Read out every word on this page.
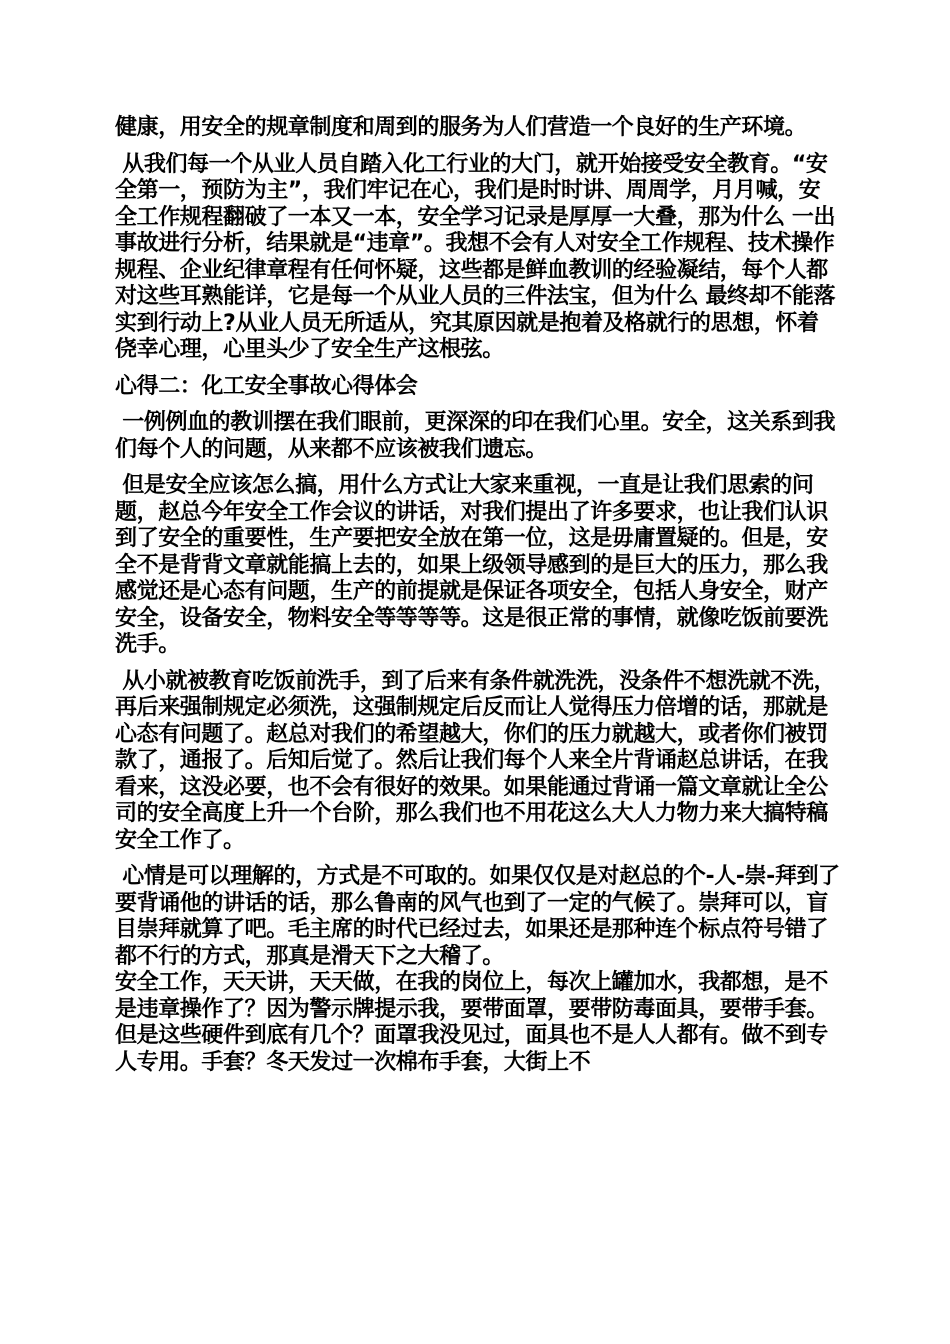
健康，用安全的规章制度和周到的服务为人们营造一个良好的生产环境。

从我们每一个从业人员自踏入化工行业的大门，就开始接受安全教育。“安全第一，预防为主”，我们牢记在心，我们是时时讲、周周学，月月喊，安全工作规程翻破了一本又一本，安全学习记录是厚厚一大叠，那为什么 一出事故进行分析，结果就是“违章”。我想不会有人对安全工作规程、技术操作规程、企业纪律章程有任何怀疑，这些都是鲜血教训的经验凝结，每个人都对这些耳熟能详，它是每一个从业人员的三件法宝，但为什么 最终却不能落实到行动上?从业人员无所适从，究其原因就是抱着及格就行的思想，怀着侥幸心理，心里头少了安全生产这根弦。

心得二：化工安全事故心得体会

一例例血的教训摆在我们眼前，更深深的印在我们心里。安全，这关系到我们每个人的问题，从来都不应该被我们遗忘。

但是安全应该怎么搞，用什么方式让大家来重视，一直是让我们思索的问题，赵总今年安全工作会议的讲话，对我们提出了许多要求，也让我们认识到了安全的重要性，生产要把安全放在第一位，这是毋庸置疑的。但是，安全不是背背文章就能搞上去的，如果上级领导感到的是巨大的压力，那么我感觉还是心态有问题，生产的前提就是保证各项安全，包括人身安全，财产安全，设备安全，物料安全等等等等。这是很正常的事情，就像吃饭前要洗洗手。

从小就被教育吃饭前洗手，到了后来有条件就洗洗，没条件不想洗就不洗，再后来强制规定必须洗，这强制规定后反而让人觉得压力倍增的话，那就是心态有问题了。赵总对我们的希望越大，你们的压力就越大，或者你们被罚款了，通报了。后知后觉了。然后让我们每个人来全片背诵赵总讲话，在我看来，这没必要，也不会有很好的效果。如果能通过背诵一篇文章就让全公司的安全高度上升一个台阶，那么我们也不用花这么大人力物力来大搞特稿安全工作了。

心情是可以理解的，方式是不可取的。如果仅仅是对赵总的个-人-崇-拜到了要背诵他的讲话的话，那么鲁南的风气也到了一定的气候了。崇拜可以，盲目崇拜就算了吧。毛主席的时代已经过去，如果还是那种连个标点符号错了都不行的方式，那真是滑天下之大稽了。

安全工作，天天讲，天天做，在我的岗位上，每次上罐加水，我都想，是不是违章操作了？因为警示牌提示我，要带面罩，要带防毒面具，要带手套。但是这些硬件到底有几个？面罩我没见过，面具也不是人人都有。做不到专人专用。手套？冬天发过一次棉布手套，大街上不
